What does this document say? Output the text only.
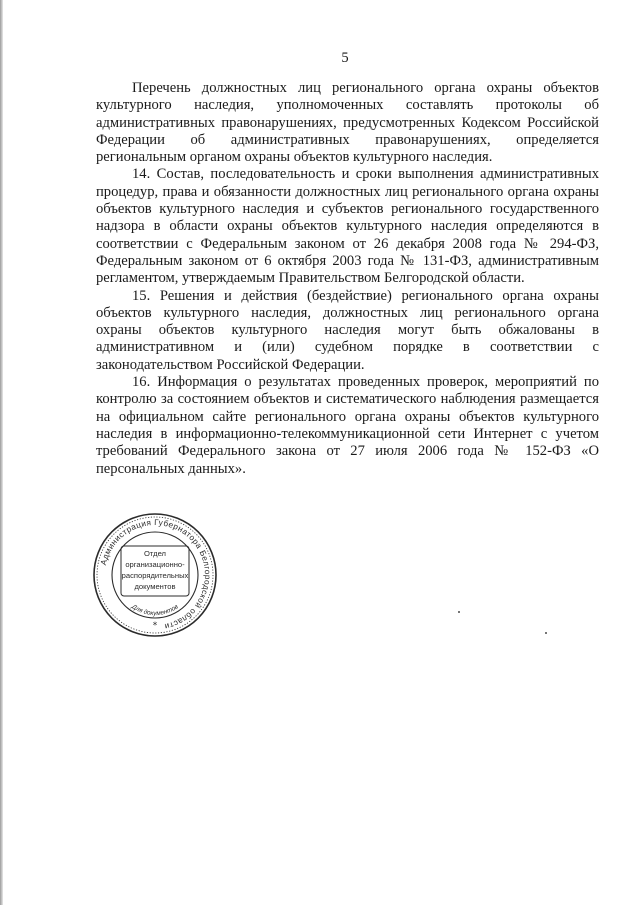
5

Перечень должностных лиц регионального органа охраны объектов культурного наследия, уполномоченных составлять протоколы об административных правонарушениях, предусмотренных Кодексом Российской Федерации об административных правонарушениях, определяется региональным органом охраны объектов культурного наследия.

14. Состав, последовательность и сроки выполнения административных процедур, права и обязанности должностных лиц регионального органа охраны объектов культурного наследия и субъектов регионального государственного надзора в области охраны объектов культурного наследия определяются в соответствии с Федеральным законом от 26 декабря 2008 года № 294-ФЗ, Федеральным законом от 6 октября 2003 года № 131-ФЗ, административным регламентом, утверждаемым Правительством Белгородской области.

15. Решения и действия (бездействие) регионального органа охраны объектов культурного наследия, должностных лиц регионального органа охраны объектов культурного наследия могут быть обжалованы в административном и (или) судебном порядке в соответствии с законодательством Российской Федерации.

16. Информация о результатах проведенных проверок, мероприятий по контролю за состоянием объектов и систематического наблюдения размещается на официальном сайте регионального органа охраны объектов культурного наследия в информационно-телекоммуникационной сети Интернет с учетом требований Федерального закона от 27 июля 2006 года № 152-ФЗ «О персональных данных».

Администрация Губернатора Белгородской области
Отдел
организационно-
распорядительных
документов
Для документов
*
